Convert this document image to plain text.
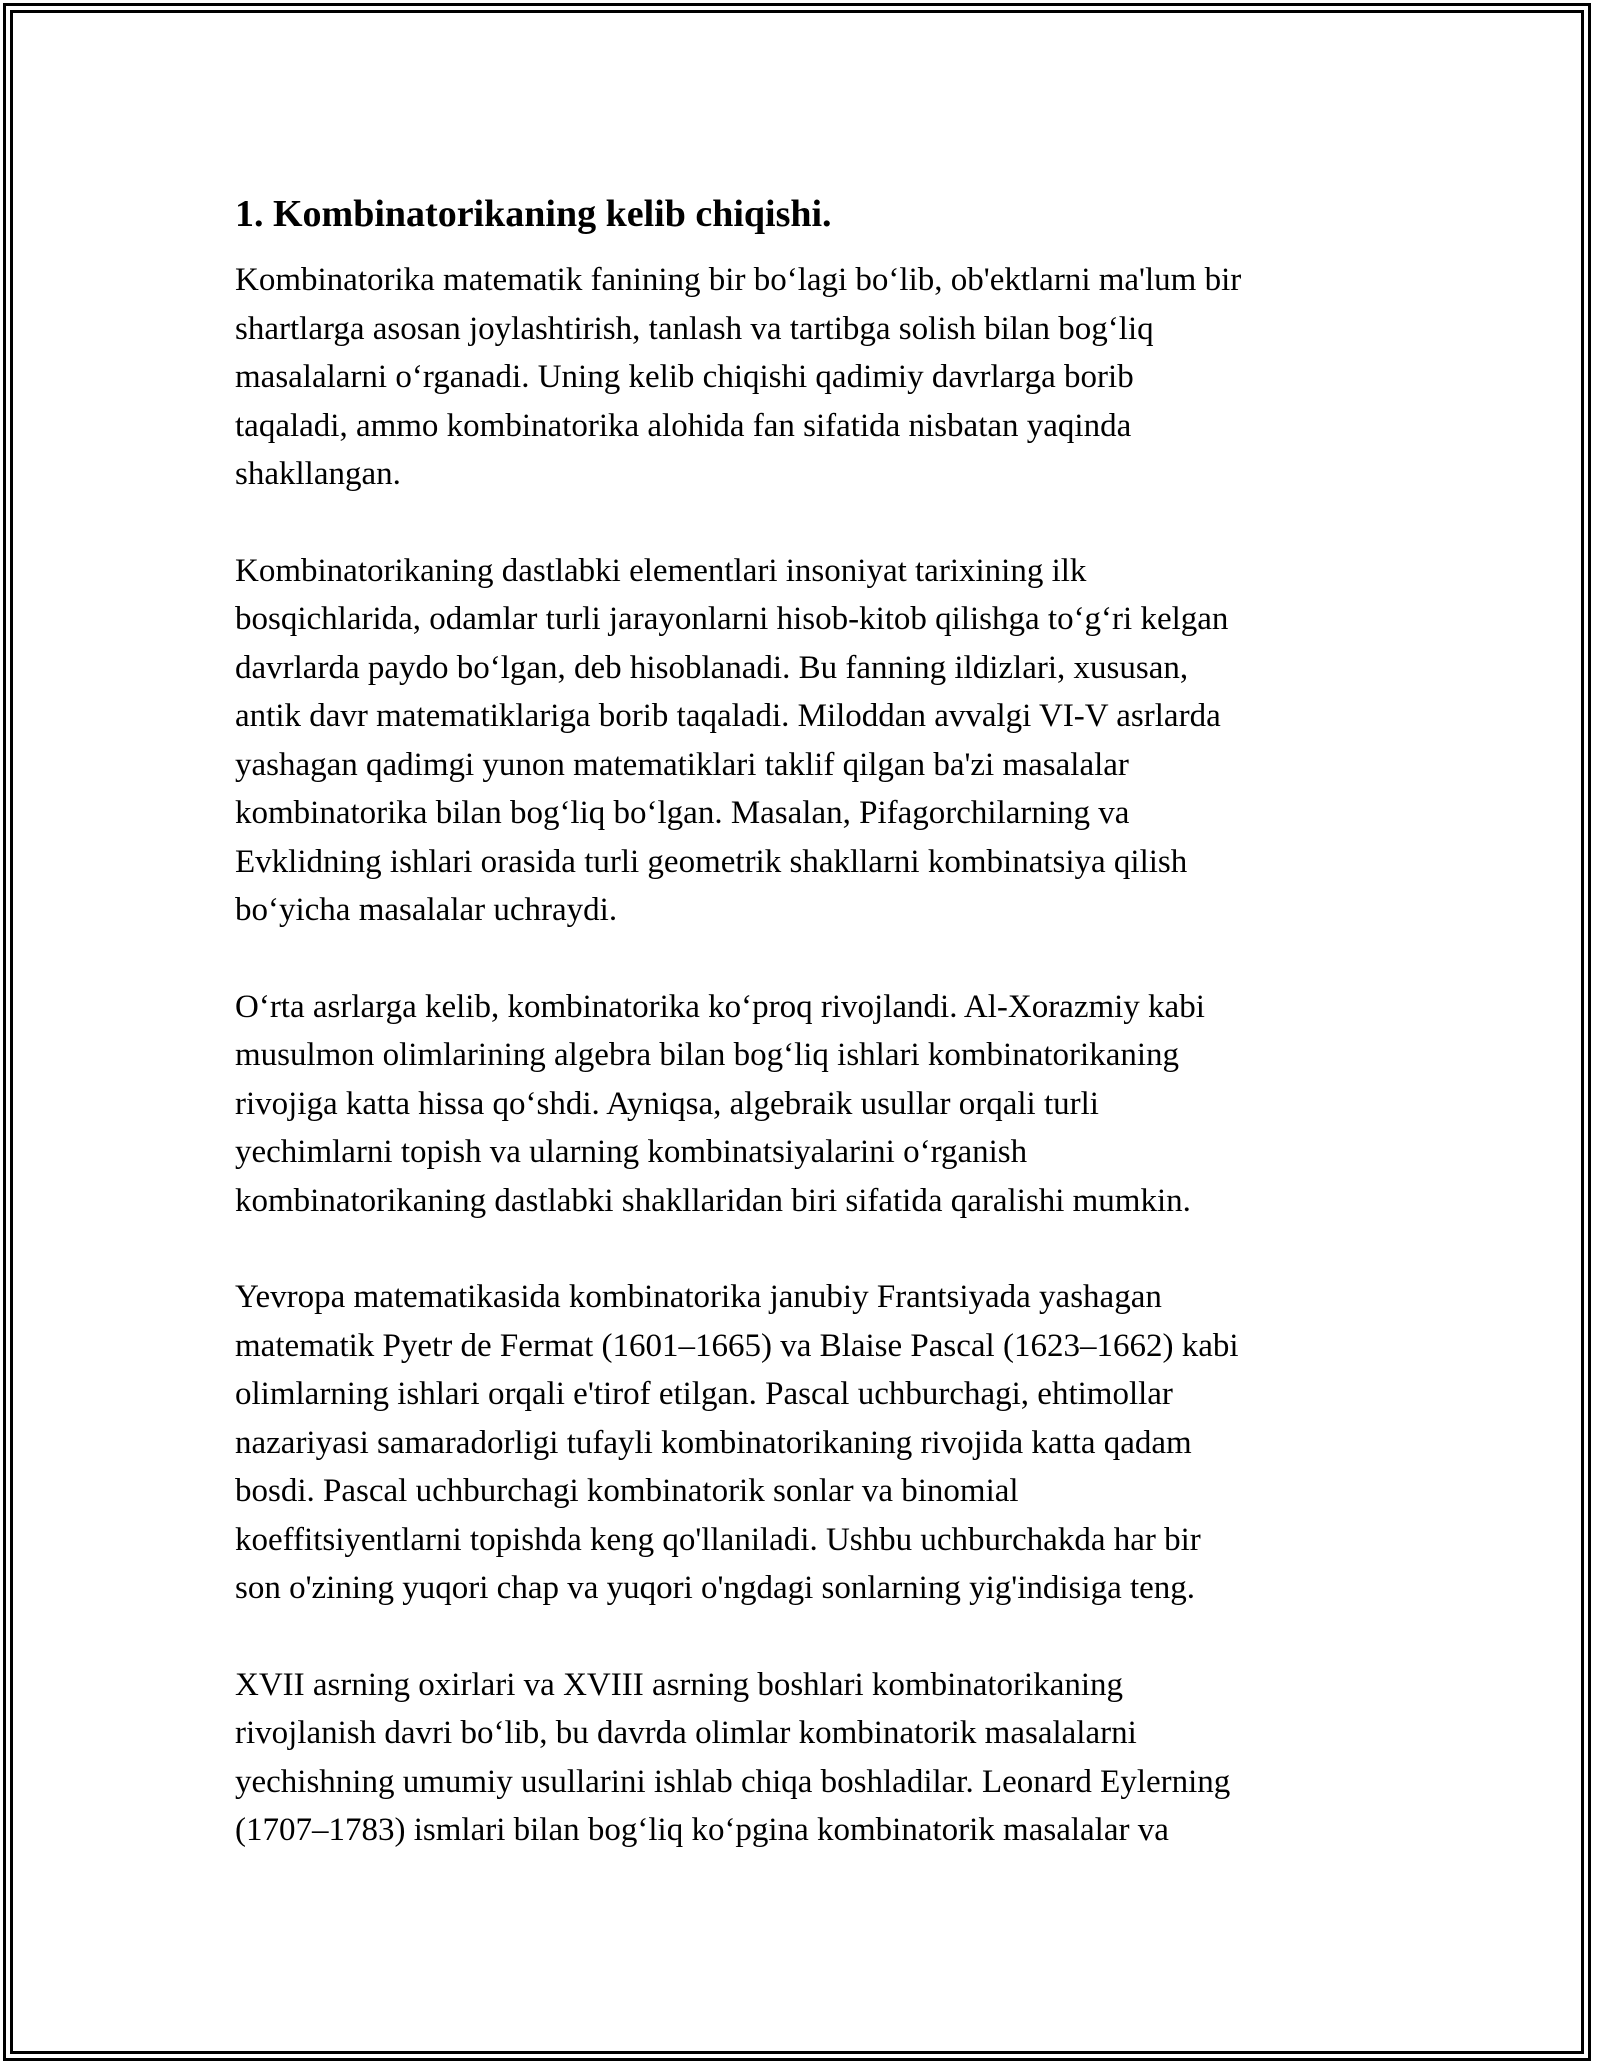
1. Kombinatorikaning kelib chiqishi.

Kombinatorika matematik fanining bir bo‘lagi bo‘lib, ob'ektlarni ma'lum bir
shartlarga asosan joylashtirish, tanlash va tartibga solish bilan bog‘liq
masalalarni o‘rganadi. Uning kelib chiqishi qadimiy davrlarga borib
taqaladi, ammo kombinatorika alohida fan sifatida nisbatan yaqinda
shakllangan.

Kombinatorikaning dastlabki elementlari insoniyat tarixining ilk
bosqichlarida, odamlar turli jarayonlarni hisob-kitob qilishga to‘g‘ri kelgan
davrlarda paydo bo‘lgan, deb hisoblanadi. Bu fanning ildizlari, xususan,
antik davr matematiklariga borib taqaladi. Miloddan avvalgi VI-V asrlarda
yashagan qadimgi yunon matematiklari taklif qilgan ba'zi masalalar
kombinatorika bilan bog‘liq bo‘lgan. Masalan, Pifagorchilarning va
Evklidning ishlari orasida turli geometrik shakllarni kombinatsiya qilish
bo‘yicha masalalar uchraydi.

O‘rta asrlarga kelib, kombinatorika ko‘proq rivojlandi. Al-Xorazmiy kabi
musulmon olimlarining algebra bilan bog‘liq ishlari kombinatorikaning
rivojiga katta hissa qo‘shdi. Ayniqsa, algebraik usullar orqali turli
yechimlarni topish va ularning kombinatsiyalarini o‘rganish
kombinatorikaning dastlabki shakllaridan biri sifatida qaralishi mumkin.

Yevropa matematikasida kombinatorika janubiy Frantsiyada yashagan
matematik Pyetr de Fermat (1601–1665) va Blaise Pascal (1623–1662) kabi
olimlarning ishlari orqali e'tirof etilgan. Pascal uchburchagi, ehtimollar
nazariyasi samaradorligi tufayli kombinatorikaning rivojida katta qadam
bosdi. Pascal uchburchagi kombinatorik sonlar va binomial
koeffitsiyentlarni topishda keng qo'llaniladi. Ushbu uchburchakda har bir
son o'zining yuqori chap va yuqori o'ngdagi sonlarning yig'indisiga teng.

XVII asrning oxirlari va XVIII asrning boshlari kombinatorikaning
rivojlanish davri bo‘lib, bu davrda olimlar kombinatorik masalalarni
yechishning umumiy usullarini ishlab chiqa boshladilar. Leonard Eylerning
(1707–1783) ismlari bilan bog‘liq ko‘pgina kombinatorik masalalar va
